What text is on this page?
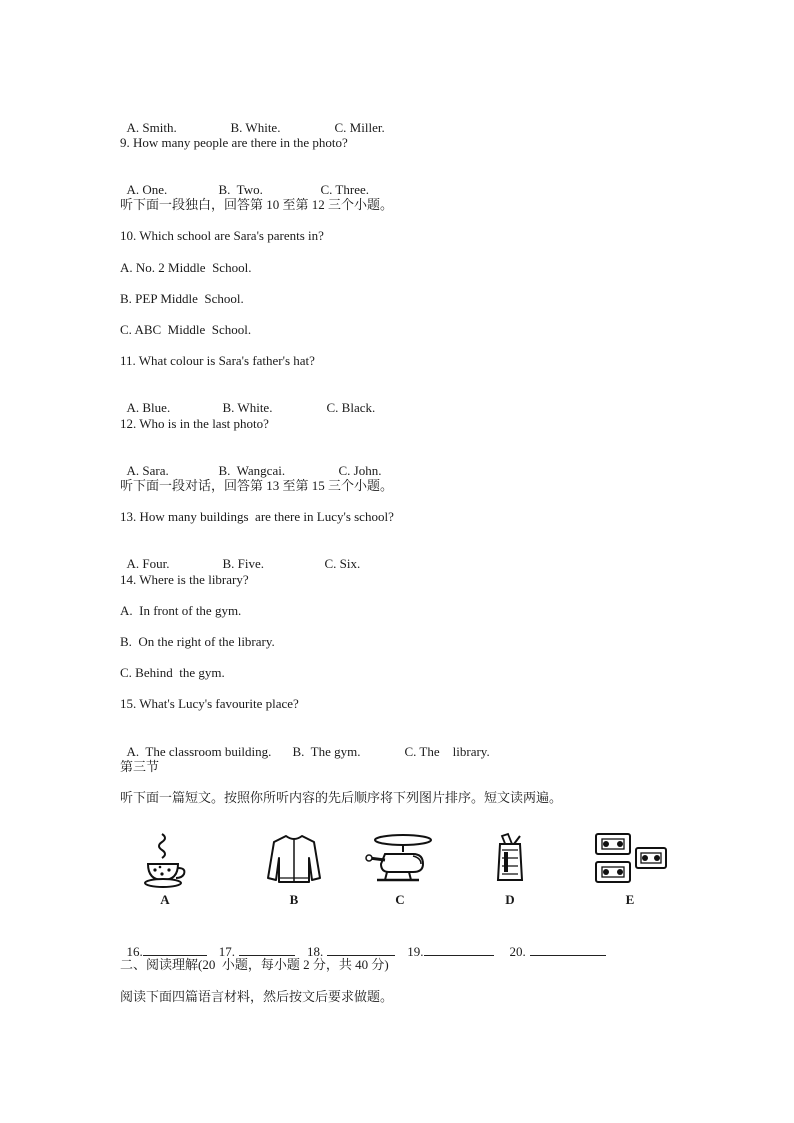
A. Smith.	B. White.	C. Miller.

9. How many people are there in the photo?

A. One.	B.  Two.	C. Three.

听下面一段独白，回答第 10 至第 12 三个小题。
10. Which school are Sara's parents in?
A. No. 2 Middle  School.
B. PEP Middle  School.
C. ABC  Middle  School.
11. What colour is Sara's father's hat?

A. Blue.	B. White.	C. Black.

12. Who is in the last photo?

A. Sara.	B.  Wangcai.	C. John.

听下面一段对话，回答第 13 至第 15 三个小题。
13. How many buildings  are there in Lucy's school?

A. Four.	B. Five.	C. Six.

14. Where is the library?
A.  In front of the gym.
B.  On the right of the library.
C. Behind  the gym.
15. What's Lucy's favourite place?

A.  The classroom building. B.  The gym.	C. The    library.

第三节
听下面一篇短文。按照你所听内容的先后顺序将下列图片排序。短文读两遍。
A	B	C	D	E

16.	17.	18.	19.	20.

二、阅读理解(20  小题，每小题 2 分，共 40 分)
阅读下面四篇语言材料，然后按文后要求做题。
